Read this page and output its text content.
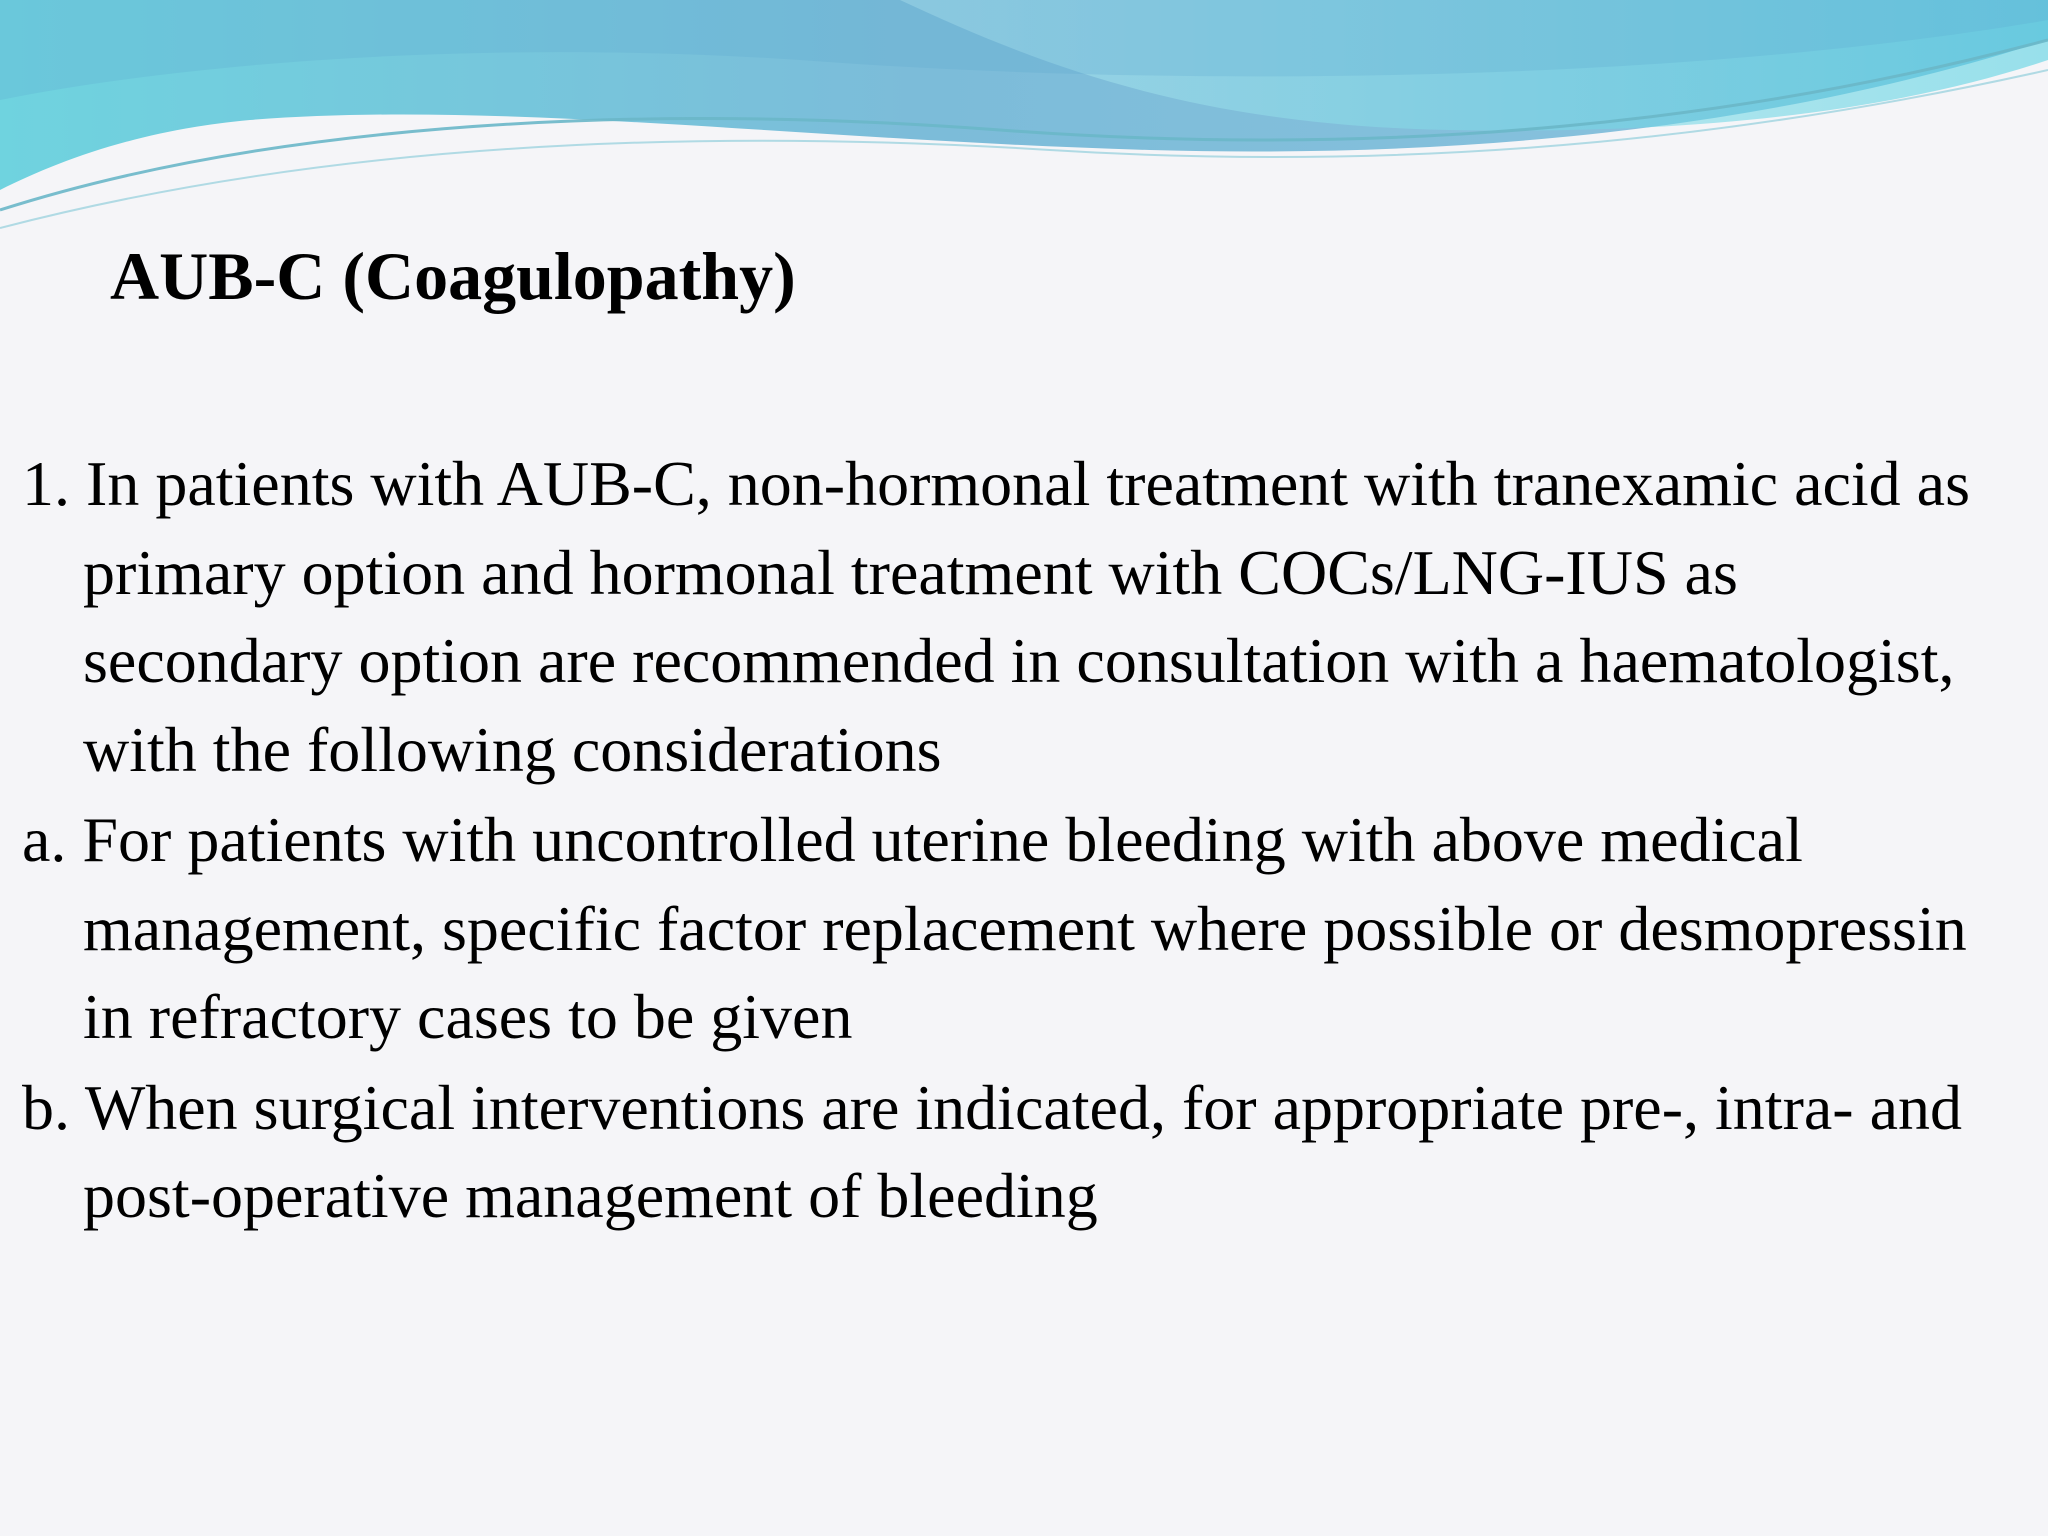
AUB-C (Coagulopathy)

1. In patients with AUB-C, non-hormonal treatment with tranexamic acid as primary option and hormonal treatment with COCs/LNG-IUS as secondary option are recommended in consultation with a haematologist, with the following considerations

a. For patients with uncontrolled uterine bleeding with above medical management, specific factor replacement where possible or desmopressin in refractory cases to be given

b. When surgical interventions are indicated, for appropriate pre-, intra- and post-operative management of bleeding
